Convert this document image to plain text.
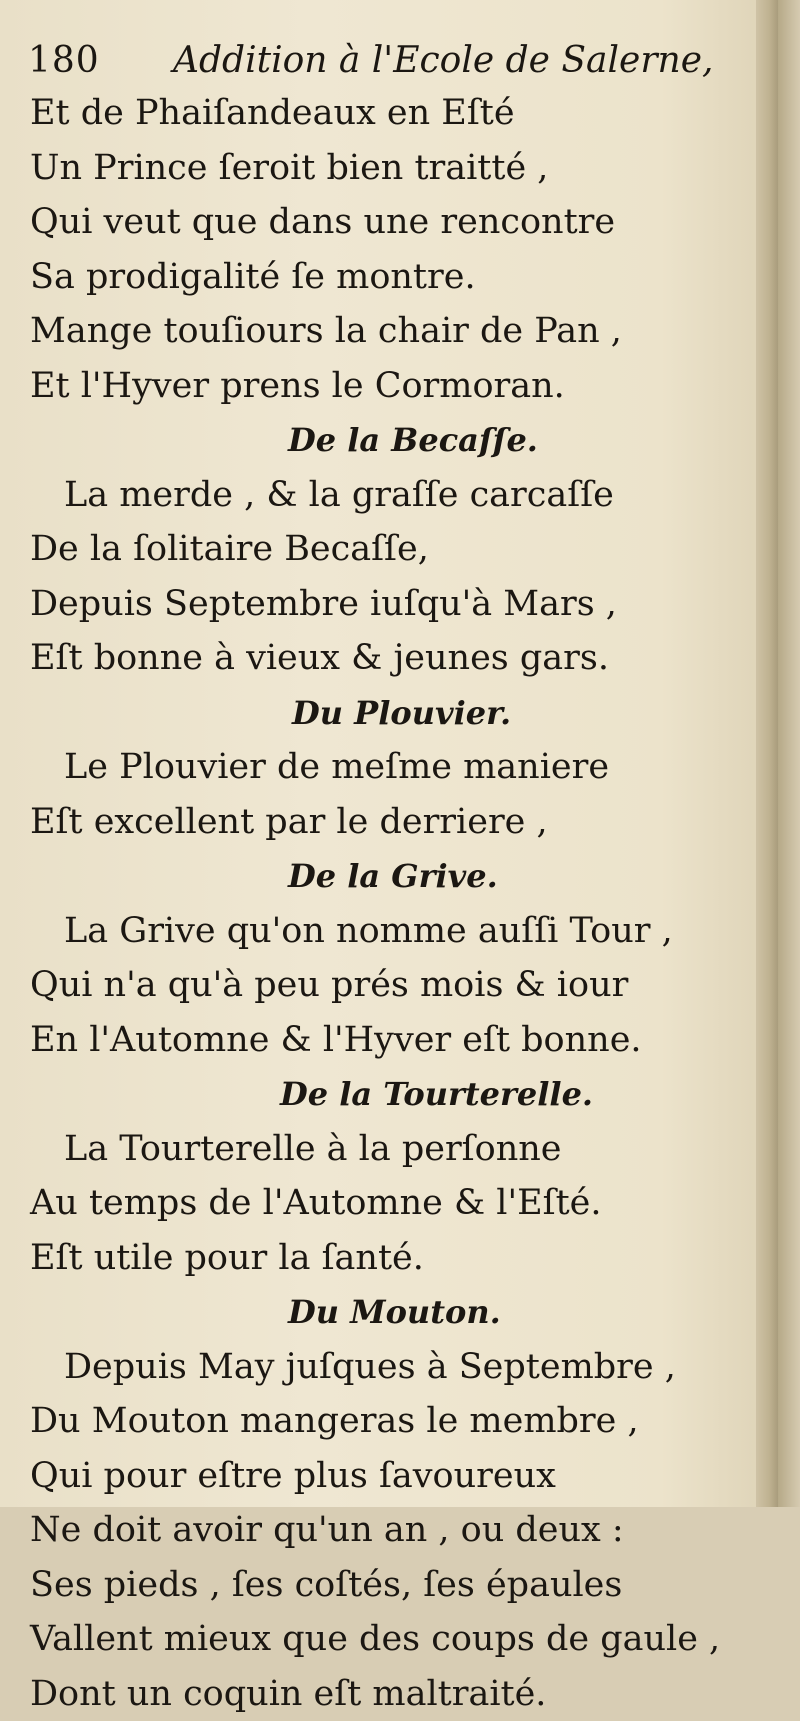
180 Addition à l'Ecole de Salerne,
Et de Phaiſandeaux en Eſté
Un Prince ſeroit bien traitté ,
Qui veut que dans une rencontre
Sa prodigalité ſe montre.
Mange touſiours la chair de Pan ,
Et l'Hyver prens le Cormoran.
De la Becaſſe.
La merde , & la graſſe carcaſſe
De la ſolitaire Becaſſe,
Depuis Septembre iuſqu'à Mars ,
Eſt bonne à vieux & jeunes gars.
Du Plouvier.
Le Plouvier de meſme maniere
Eſt excellent par le derriere ,
De la Grive.
La Grive qu'on nomme auſſi Tour ,
Qui n'a qu'à peu prés mois & iour
En l'Automne & l'Hyver eſt bonne.
De la Tourterelle.
La Tourterelle à la perſonne
Au temps de l'Automne & l'Eſté.
Eſt utile pour la ſanté.
Du Mouton.
Depuis May juſques à Septembre ,
Du Mouton mangeras le membre ,
Qui pour eſtre plus ſavoureux
Ne doit avoir qu'un an , ou deux :
Ses pieds , ſes coſtés, ſes épaules
Vallent mieux que des coups de gaule ,
Dont un coquin eſt maltraité.
